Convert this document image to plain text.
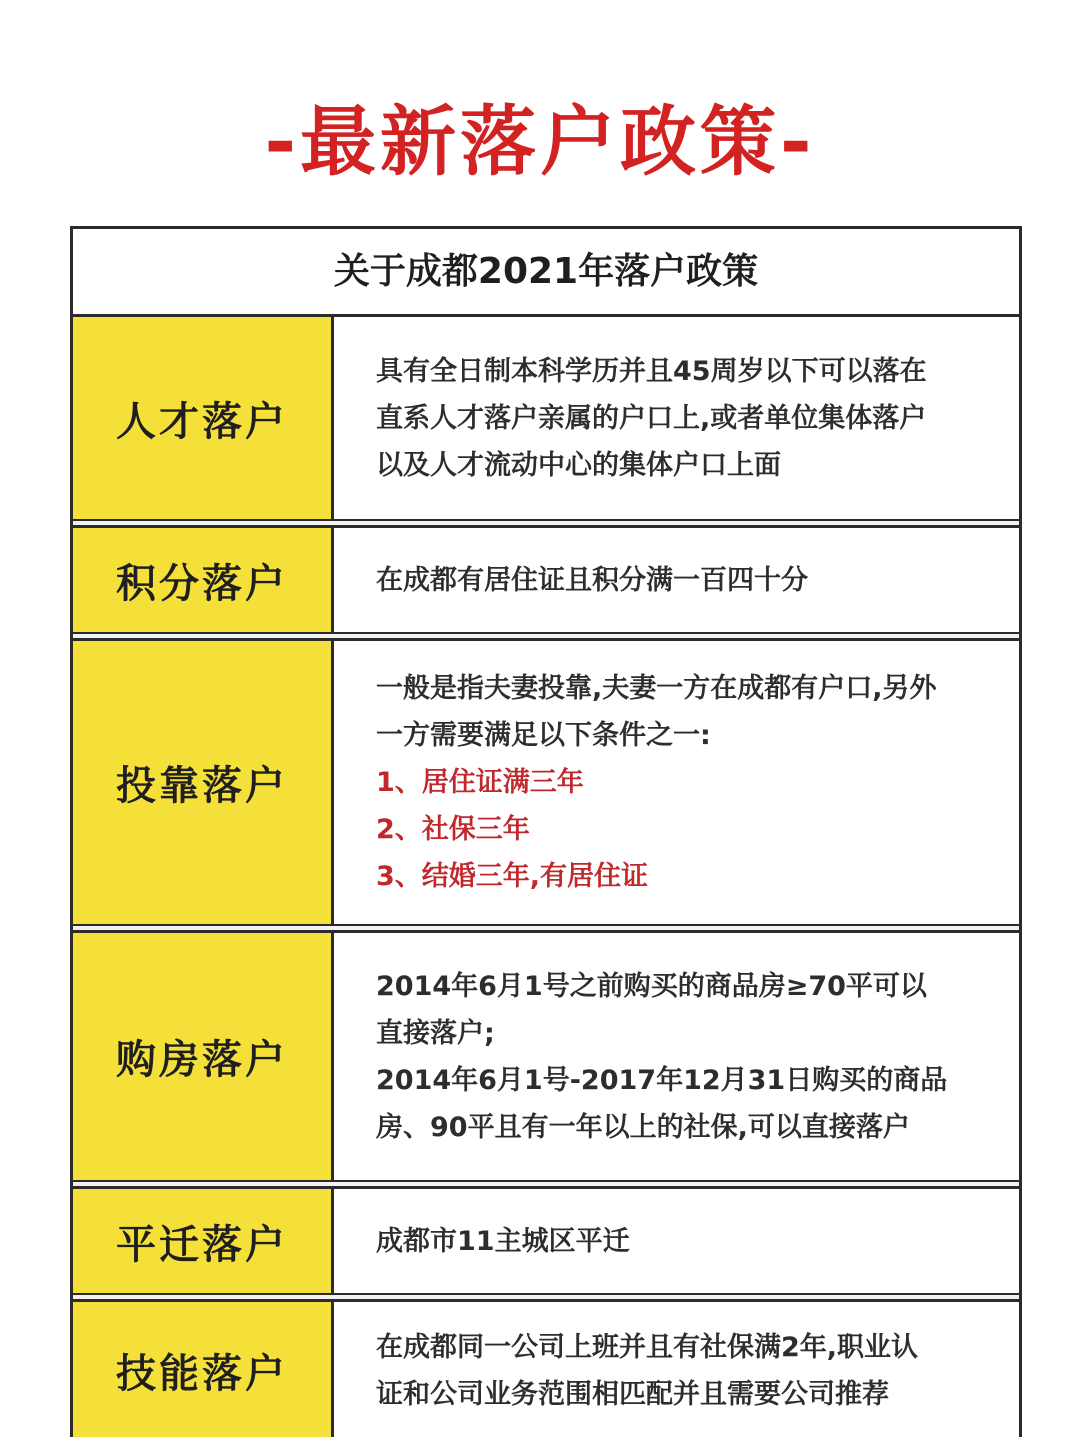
-最新落户政策-
关于成都2021年落户政策
人才落户
具有全日制本科学历并且45周岁以下可以落在
直系人才落户亲属的户口上,或者单位集体落户
以及人才流动中心的集体户口上面
积分落户	在成都有居住证且积分满一百四十分
投靠落户
一般是指夫妻投靠,夫妻一方在成都有户口,另外
一方需要满足以下条件之一:
1、居住证满三年
2、社保三年
3、结婚三年,有居住证
购房落户
2014年6月1号之前购买的商品房≥70平可以
直接落户;
2014年6月1号-2017年12月31日购买的商品
房、90平且有一年以上的社保,可以直接落户
平迁落户	成都市11主城区平迁
技能落户
在成都同一公司上班并且有社保满2年,职业认
证和公司业务范围相匹配并且需要公司推荐
